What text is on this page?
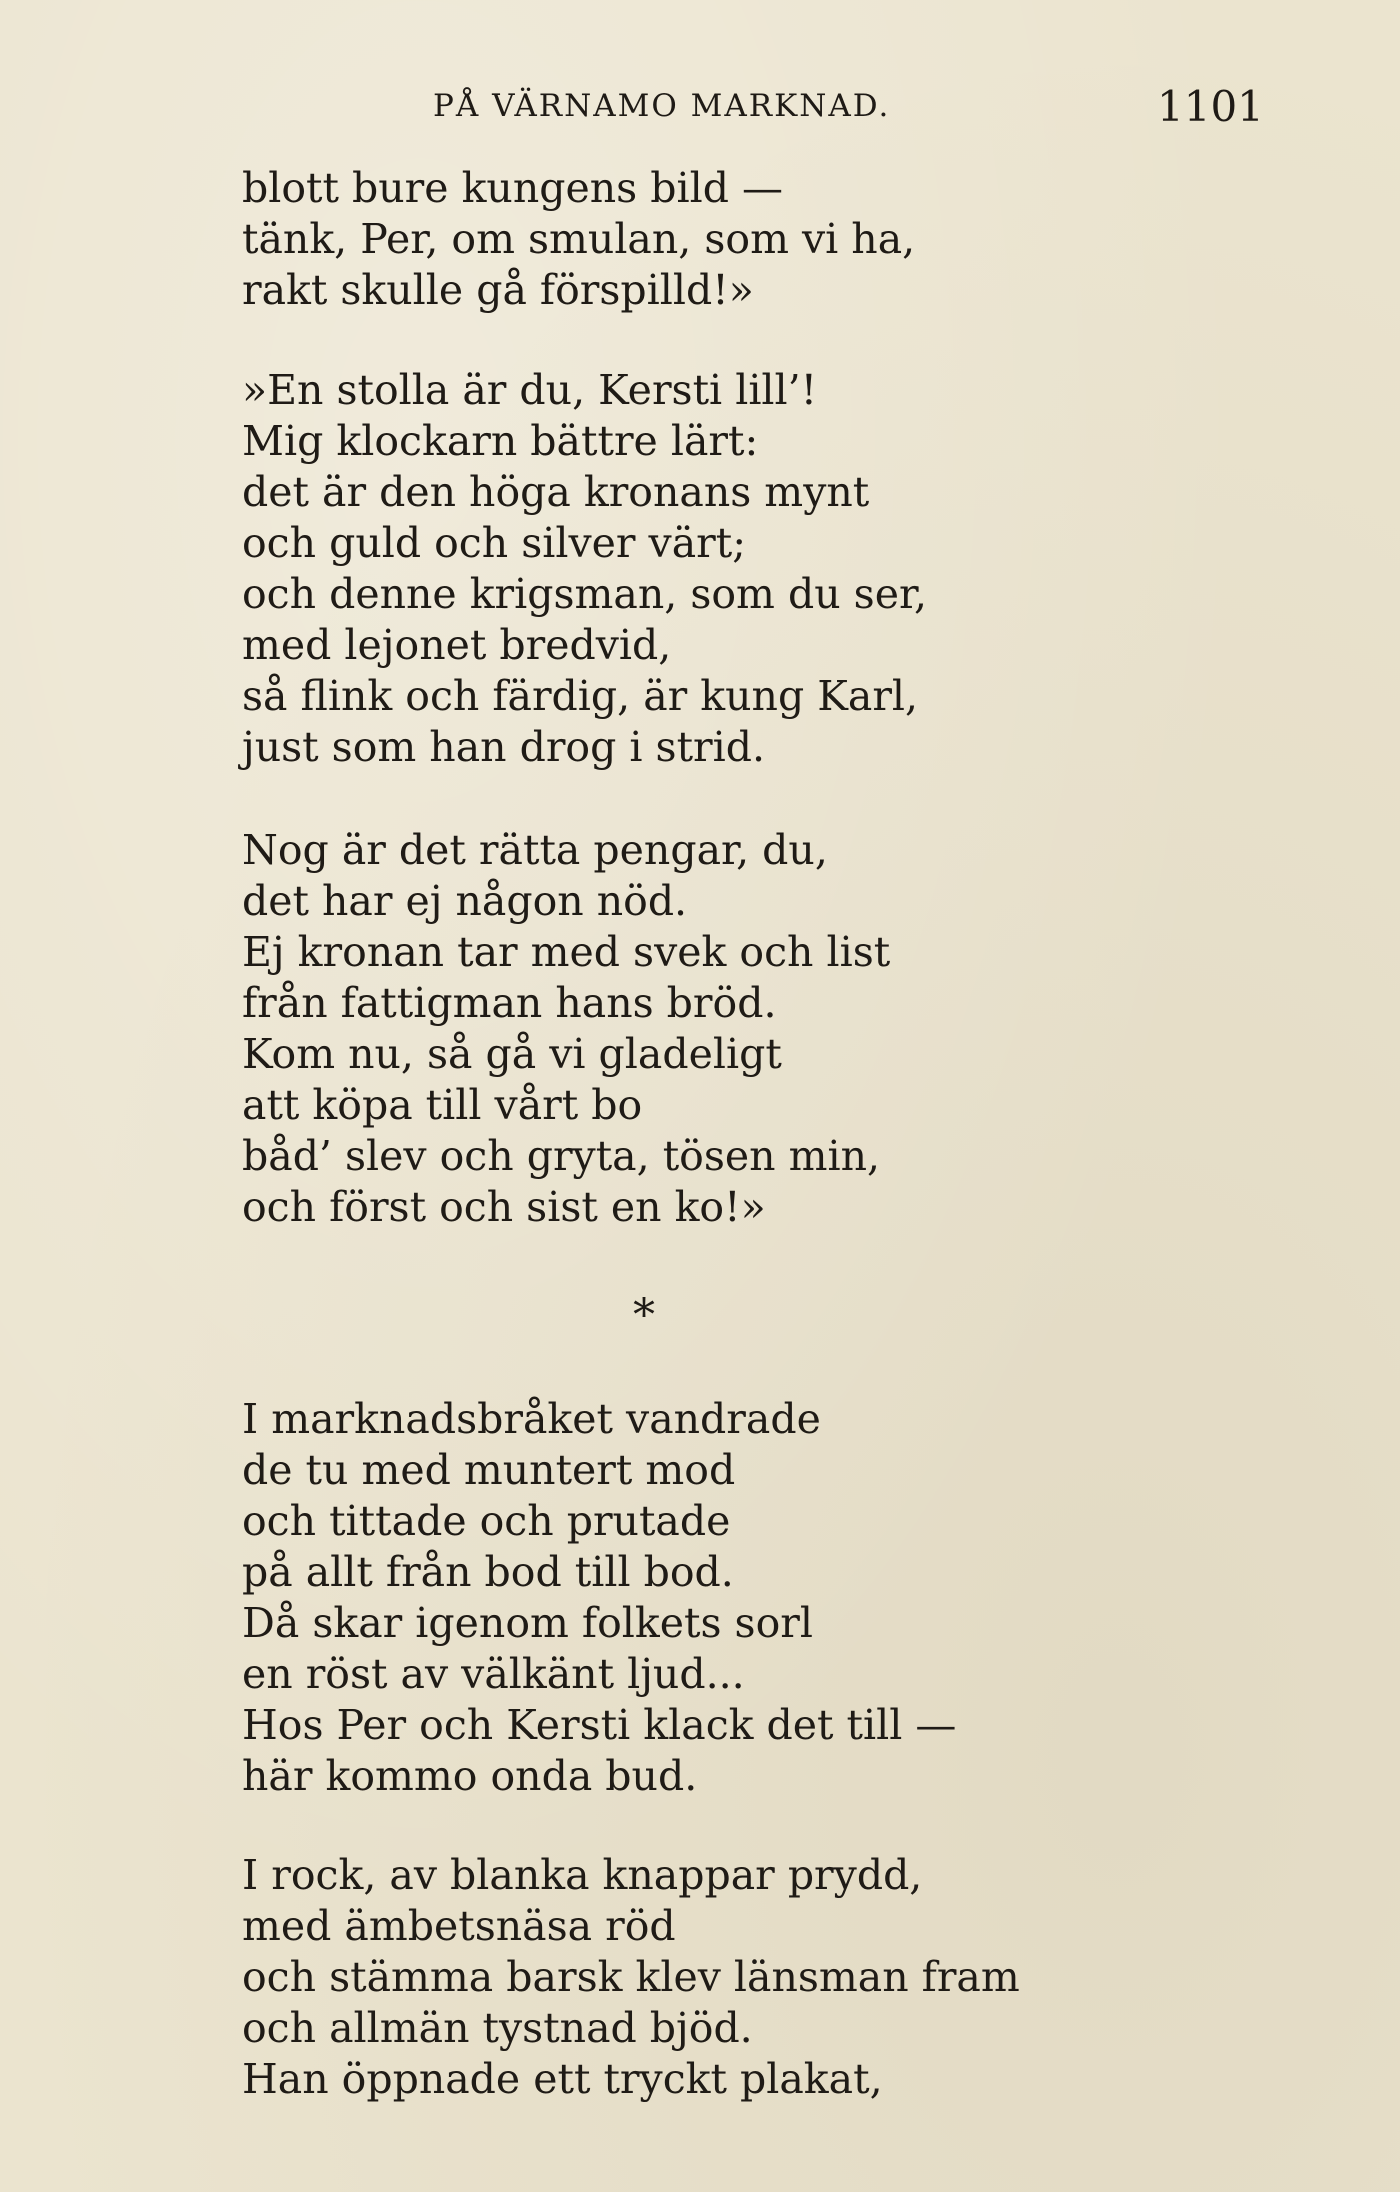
PÅ VÄRNAMO MARKNAD.	1101
blott bure kungens bild —
tänk, Per, om smulan, som vi ha,
rakt skulle gå förspilld!»
»En stolla är du, Kersti lill’!
Mig klockarn bättre lärt:
det är den höga kronans mynt
och guld och silver värt;
och denne krigsman, som du ser,
med lejonet bredvid,
så flink och färdig, är kung Karl,
just som han drog i strid.
Nog är det rätta pengar, du,
det har ej någon nöd.
Ej kronan tar med svek och list
från fattigman hans bröd.
Kom nu, så gå vi gladeligt
att köpa till vårt bo
båd’ slev och gryta, tösen min,
och först och sist en ko!»
*
I marknadsbråket vandrade
de tu med muntert mod
och tittade och prutade
på allt från bod till bod.
Då skar igenom folkets sorl
en röst av välkänt ljud...
Hos Per och Kersti klack det till —
här kommo onda bud.
I rock, av blanka knappar prydd,
med ämbetsnäsa röd
och stämma barsk klev länsman fram
och allmän tystnad bjöd.
Han öppnade ett tryckt plakat,
